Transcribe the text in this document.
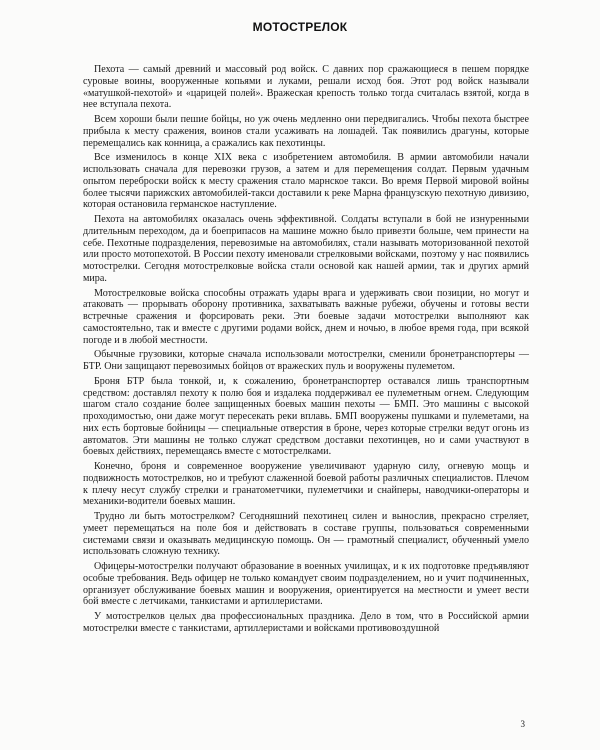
МОТОСТРЕЛОК

Пехота — самый древний и массовый род войск. С давних пор сражающиеся в пешем порядке суровые воины, вооруженные копьями и луками, решали исход боя. Этот род войск называли «матушкой-пехотой» и «царицей полей». Вражеская крепость только тогда считалась взятой, когда в нее вступала пехота.

Всем хороши были пешие бойцы, но уж очень медленно они передвигались. Чтобы пехота быстрее прибыла к месту сражения, воинов стали усаживать на лошадей. Так появились драгуны, которые перемещались как конница, а сражались как пехотинцы.

Все изменилось в конце XIX века с изобретением автомобиля. В армии автомобили начали использовать сначала для перевозки грузов, а затем и для перемещения солдат. Первым удачным опытом переброски войск к месту сражения стало марнское такси. Во время Первой мировой войны более тысячи парижских автомобилей-такси доставили к реке Марна французскую пехотную дивизию, которая остановила германское наступление.

Пехота на автомобилях оказалась очень эффективной. Солдаты вступали в бой не изнуренными длительным переходом, да и боеприпасов на машине можно было привезти больше, чем принести на себе. Пехотные подразделения, перевозимые на автомобилях, стали называть моторизованной пехотой или просто мотопехотой. В России пехоту именовали стрелковыми войсками, поэтому у нас появились мотострелки. Сегодня мотострелковые войска стали основой как нашей армии, так и других армий мира.

Мотострелковые войска способны отражать удары врага и удерживать свои позиции, но могут и атаковать — прорывать оборону противника, захватывать важные рубежи, обучены и готовы вести встречные сражения и форсировать реки. Эти боевые задачи мотострелки выполняют как самостоятельно, так и вместе с другими родами войск, днем и ночью, в любое время года, при всякой погоде и в любой местности.

Обычные грузовики, которые сначала использовали мотострелки, сменили бронетранспортеры — БТР. Они защищают перевозимых бойцов от вражеских пуль и вооружены пулеметом.

Броня БТР была тонкой, и, к сожалению, бронетранспортер оставался лишь транспортным средством: доставлял пехоту к полю боя и издалека поддерживал ее пулеметным огнем. Следующим шагом стало создание более защищенных боевых машин пехоты — БМП. Это машины с высокой проходимостью, они даже могут пересекать реки вплавь. БМП вооружены пушками и пулеметами, на них есть бортовые бойницы — специальные отверстия в броне, через которые стрелки ведут огонь из автоматов. Эти машины не только служат средством доставки пехотинцев, но и сами участвуют в боевых действиях, перемещаясь вместе с мотострелками.

Конечно, броня и современное вооружение увеличивают ударную силу, огневую мощь и подвижность мотострелков, но и требуют слаженной боевой работы различных специалистов. Плечом к плечу несут службу стрелки и гранатометчики, пулеметчики и снайперы, наводчики-операторы и механики-водители боевых машин.

Трудно ли быть мотострелком? Сегодняшний пехотинец силен и вынослив, прекрасно стреляет, умеет перемещаться на поле боя и действовать в составе группы, пользоваться современными системами связи и оказывать медицинскую помощь. Он — грамотный специалист, обученный умело использовать сложную технику.

Офицеры-мотострелки получают образование в военных училищах, и к их подготовке предъявляют особые требования. Ведь офицер не только командует своим подразделением, но и учит подчиненных, организует обслуживание боевых машин и вооружения, ориентируется на местности и умеет вести бой вместе с летчиками, танкистами и артиллеристами.

У мотострелков целых два профессиональных праздника. Дело в том, что в Российской армии мотострелки вместе с танкистами, артиллеристами и войсками противовоздушной

3
